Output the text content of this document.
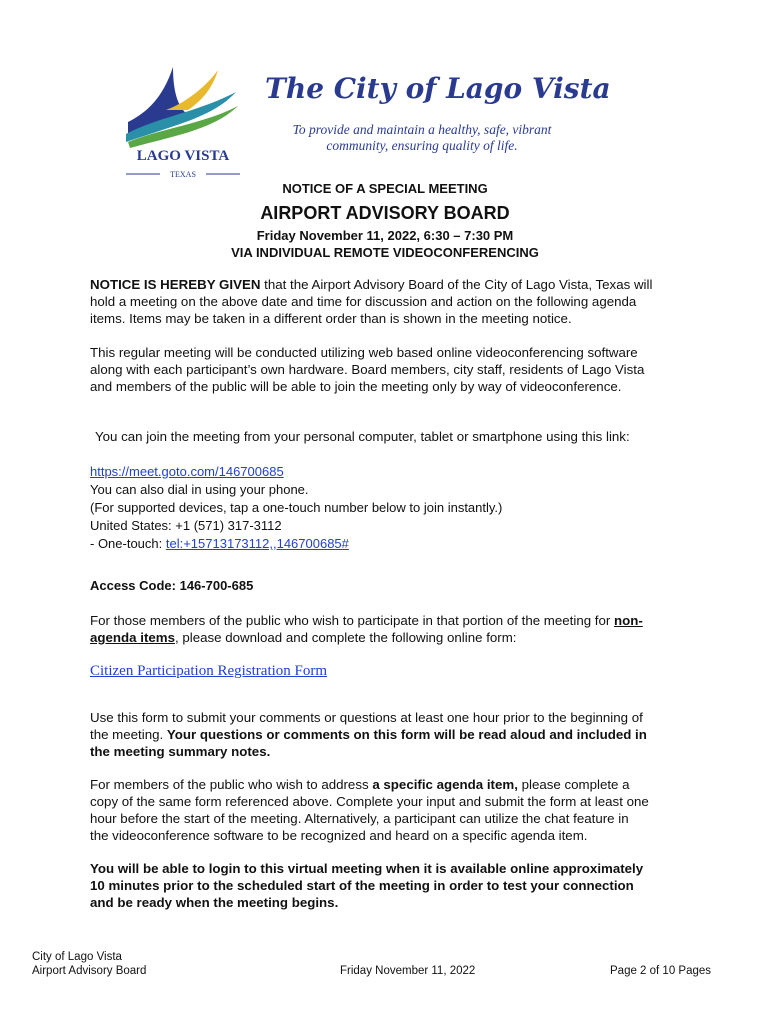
LAGO VISTA
TEXAS
The City of Lago Vista
To provide and maintain a healthy, safe, vibrant
community, ensuring quality of life.
NOTICE OF A SPECIAL MEETING
AIRPORT ADVISORY BOARD
Friday November 11, 2022, 6:30 – 7:30 PM
VIA INDIVIDUAL REMOTE VIDEOCONFERENCING
NOTICE IS HEREBY GIVEN that the Airport Advisory Board of the City of Lago Vista, Texas will
hold a meeting on the above date and time for discussion and action on the following agenda
items. Items may be taken in a different order than is shown in the meeting notice.
This regular meeting will be conducted utilizing web based online videoconferencing software
along with each participant’s own hardware. Board members, city staff, residents of Lago Vista
and members of the public will be able to join the meeting only by way of videoconference.
You can join the meeting from your personal computer, tablet or smartphone using this link:
https://meet.goto.com/146700685
You can also dial in using your phone.
(For supported devices, tap a one-touch number below to join instantly.)
United States: +1 (571) 317-3112
- One-touch: tel:+15713173112,,146700685#
Access Code: 146-700-685
For those members of the public who wish to participate in that portion of the meeting for non-
agenda items, please download and complete the following online form:
Citizen Participation Registration Form
Use this form to submit your comments or questions at least one hour prior to the beginning of
the meeting. Your questions or comments on this form will be read aloud and included in
the meeting summary notes.
For members of the public who wish to address a specific agenda item, please complete a
copy of the same form referenced above. Complete your input and submit the form at least one
hour before the start of the meeting. Alternatively, a participant can utilize the chat feature in
the videoconference software to be recognized and heard on a specific agenda item.
You will be able to login to this virtual meeting when it is available online approximately
10 minutes prior to the scheduled start of the meeting in order to test your connection
and be ready when the meeting begins.
City of Lago Vista
Airport Advisory Board	Friday November 11, 2022	Page 2 of 10 Pages
